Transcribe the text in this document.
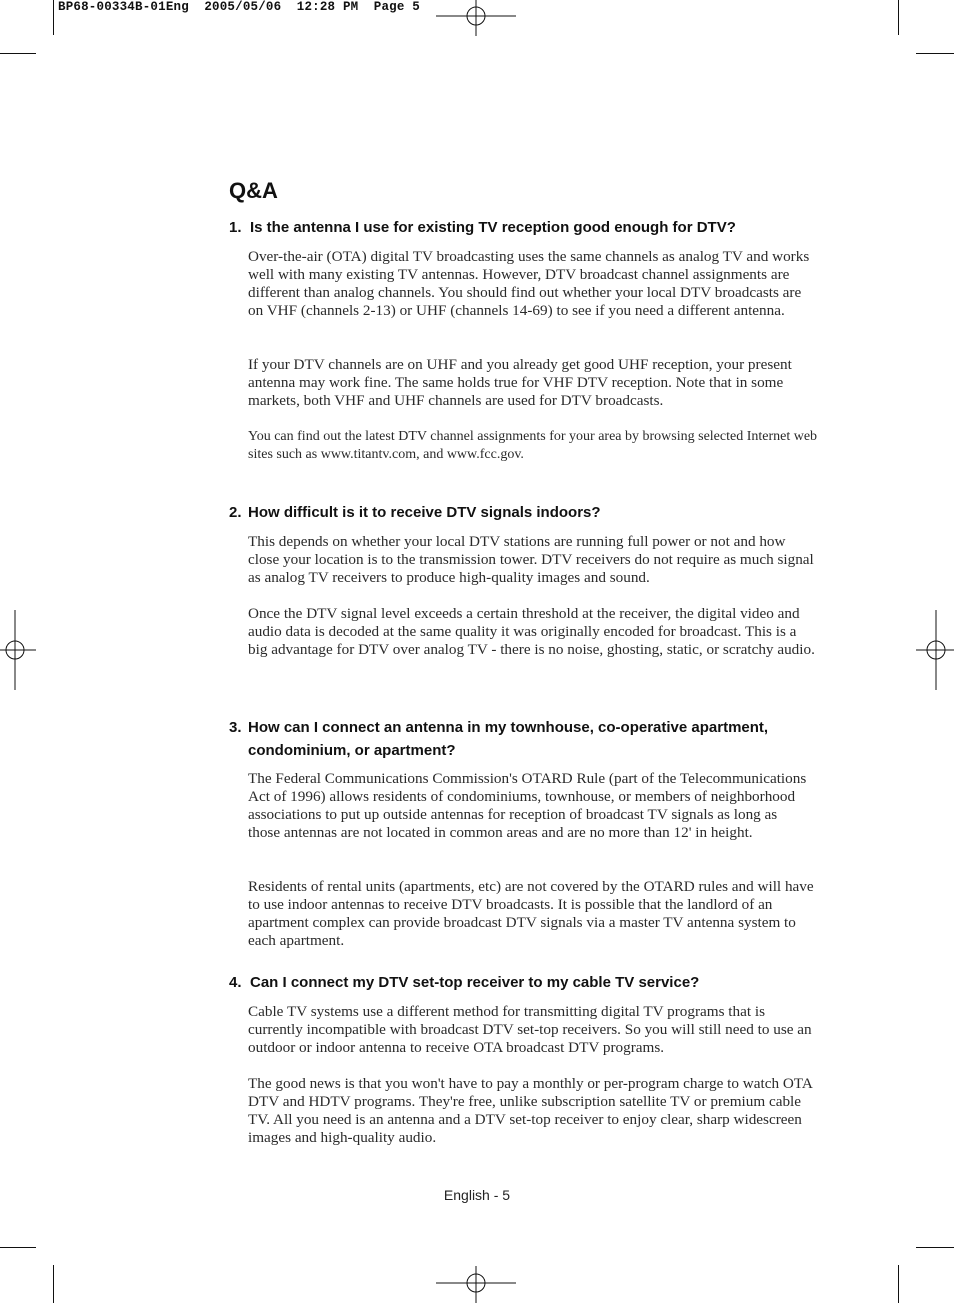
BP68-00334B-01Eng  2005/05/06  12:28 PM  Page 5
Q&A
1. Is the antenna I use for existing TV reception good enough for DTV?

Over-the-air (OTA) digital TV broadcasting uses the same channels as analog TV and works well with many existing TV antennas. However, DTV broadcast channel assignments are different than analog channels. You should find out whether your local DTV broadcasts are on VHF (channels 2-13) or UHF (channels 14-69) to see if you need a different antenna.

If your DTV channels are on UHF and you already get good UHF reception, your present antenna may work fine. The same holds true for VHF DTV reception. Note that in some markets, both VHF and UHF channels are used for DTV broadcasts.

You can find out the latest DTV channel assignments for your area by browsing selected Internet web sites such as www.titantv.com, and www.fcc.gov.

2. How difficult is it to receive DTV signals indoors?

This depends on whether your local DTV stations are running full power or not and how close your location is to the transmission tower. DTV receivers do not require as much signal as analog TV receivers to produce high-quality images and sound.

Once the DTV signal level exceeds a certain threshold at the receiver, the digital video and audio data is decoded at the same quality it was originally encoded for broadcast. This is a big advantage for DTV over analog TV - there is no noise, ghosting, static, or scratchy audio.

3. How can I connect an antenna in my townhouse, co-operative apartment, condominium, or apartment?

The Federal Communications Commission's OTARD Rule (part of the Telecommunications Act of 1996) allows residents of condominiums, townhouse, or members of neighborhood associations to put up outside antennas for reception of broadcast TV signals as long as those antennas are not located in common areas and are no more than 12' in height.

Residents of rental units (apartments, etc) are not covered by the OTARD rules and will have to use indoor antennas to receive DTV broadcasts. It is possible that the landlord of an apartment complex can provide broadcast DTV signals via a master TV antenna system to each apartment.

4. Can I connect my DTV set-top receiver to my cable TV service?

Cable TV systems use a different method for transmitting digital TV programs that is currently incompatible with broadcast DTV set-top receivers. So you will still need to use an outdoor or indoor antenna to receive OTA broadcast DTV programs.

The good news is that you won't have to pay a monthly or per-program charge to watch OTA DTV and HDTV programs. They're free, unlike subscription satellite TV or premium cable TV. All you need is an antenna and a DTV set-top receiver to enjoy clear, sharp widescreen images and high-quality audio.

English - 5
